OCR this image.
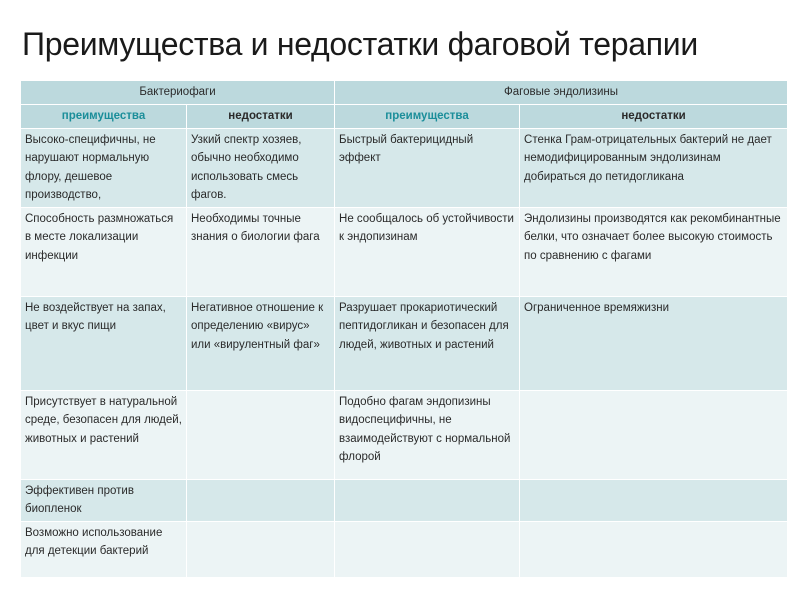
Преимущества и недостатки фаговой терапии
Бактериофаги		Фаговые эндолизины	
преимущества	недостатки	преимущества	недостатки
Высоко-специфичны, не нарушают нормальную флору, дешевое производство,	Узкий спектр хозяев, обычно необходимо использовать смесь фагов.	Быстрый бактерицидный эффект	Стенка Грам-отрицательных бактерий не дает немодифицированным эндолизинам добираться до петидогликана
Способность размножаться в месте локализации инфекции	Необходимы точные знания о биологии фага	Не сообщалось об устойчивости к эндопизинам	Эндолизины производятся как рекомбинантные белки, что означает более высокую стоимость по сравнению с фагами
Не воздействует на запах, цвет и вкус пищи	Негативное отношение к определению «вирус» или «вирулентный фаг»	Разрушает прокариотический пептидогликан и безопасен для людей, животных и растений	Ограниченное времяжизни
Присутствует в натуральной среде, безопасен для людей, животных и растений		Подобно фагам эндопизины видоспецифичны, не взаимодействуют с нормальной флорой	
Эффективен против биопленок			
Возможно использование для детекции бактерий			
